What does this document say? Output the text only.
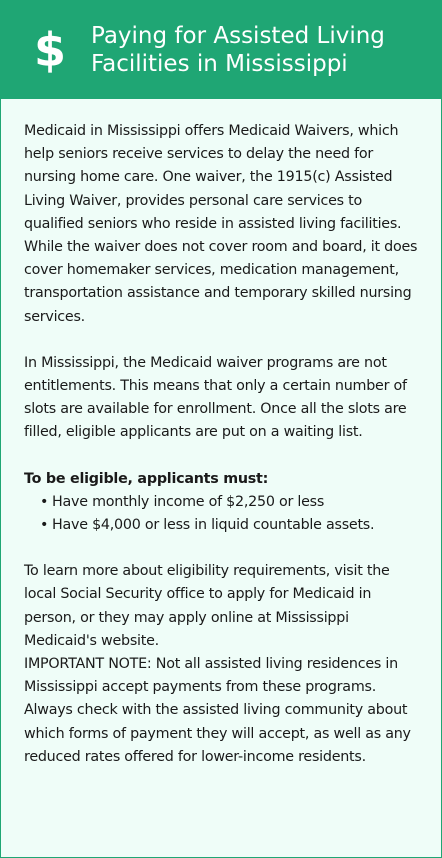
$ Paying for Assisted Living Facilities in Mississippi

Medicaid in Mississippi offers Medicaid Waivers, which help seniors receive services to delay the need for nursing home care. One waiver, the 1915(c) Assisted Living Waiver, provides personal care services to qualified seniors who reside in assisted living facilities. While the waiver does not cover room and board, it does cover homemaker services, medication management, transportation assistance and temporary skilled nursing services.

In Mississippi, the Medicaid waiver programs are not entitlements. This means that only a certain number of slots are available for enrollment. Once all the slots are filled, eligible applicants are put on a waiting list.

To be eligible, applicants must:

• Have monthly income of $2,250 or less
• Have $4,000 or less in liquid countable assets.

To learn more about eligibility requirements, visit the local Social Security office to apply for Medicaid in person, or they may apply online at Mississippi Medicaid's website.

IMPORTANT NOTE: Not all assisted living residences in Mississippi accept payments from these programs. Always check with the assisted living community about which forms of payment they will accept, as well as any reduced rates offered for lower-income residents.
